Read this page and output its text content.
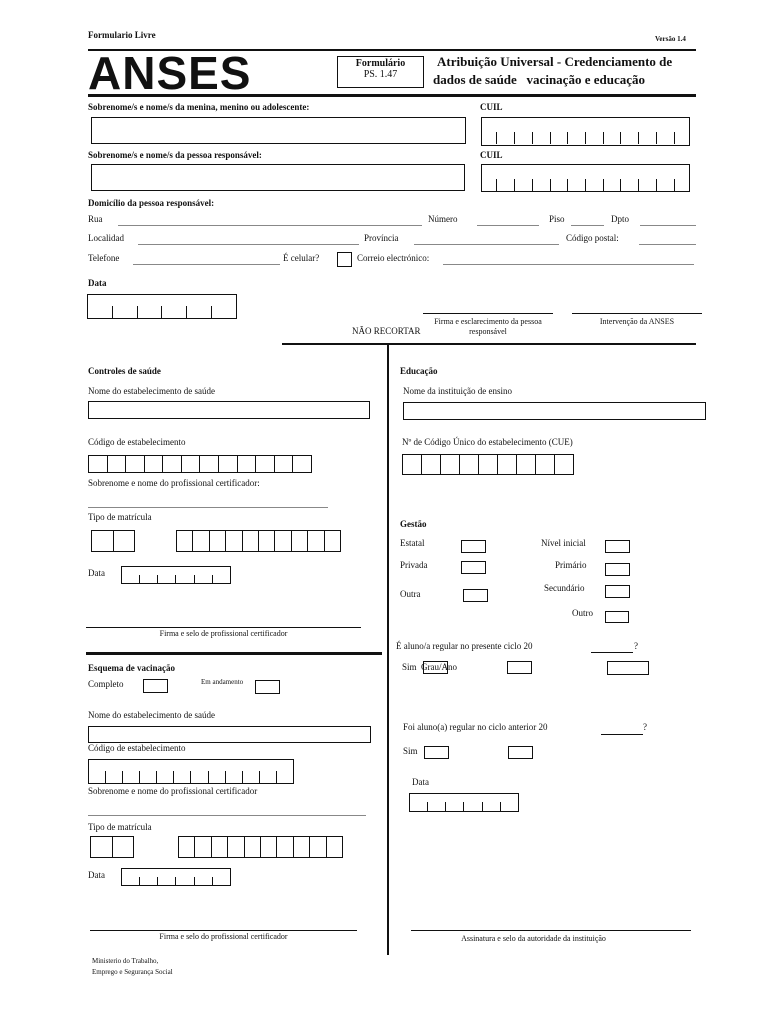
Formulario Livre	Versão 1.4
ANSES	Formulário
PS. 1.47
Atribuição Universal - Credenciamento de
dados de saúde   vacinação e educação
Sobrenome/s e nome/s da menina, menino ou adolescente:	CUIL
Sobrenome/s e nome/s da pessoa responsável:	CUIL
Domicílio da pessoa responsável:
Rua	Número	Piso	Dpto
Localidad	Província	Código postal:
Telefone	É celular?	Correio electrónico:
Data
Firma e esclarecimento da pessoa responsável
Intervenção da ANSES
NÃO RECORTAR
Controles de saúde
Nome do estabelecimento de saúde
Código de estabelecimento
Sobrenome e nome do profissional certificador:
Tipo de matrícula
Data
Firma e selo de profissional certificador
Esquema de vacinação
Completo	Em andamento
Nome do estabelecimento de saúde
Código de estabelecimento
Sobrenome e nome do profissional certificador
Tipo de matrícula
Data
Firma e selo do profissional certificador
Educação
Nome da instituição de ensino
Nº de Código Único do estabelecimento (CUE)
Gestão
Estatal
Privada
Outra
Nível inicial
Primário
Secundário
Outro
É aluno/a regular no presente ciclo 20	?
Sim Grau/Ano
Foi aluno(a) regular no ciclo anterior 20	?
Sim
Data
Assinatura e selo da autoridade da instituição
Ministerio do Trabalho,
Emprego e Segurança Social
